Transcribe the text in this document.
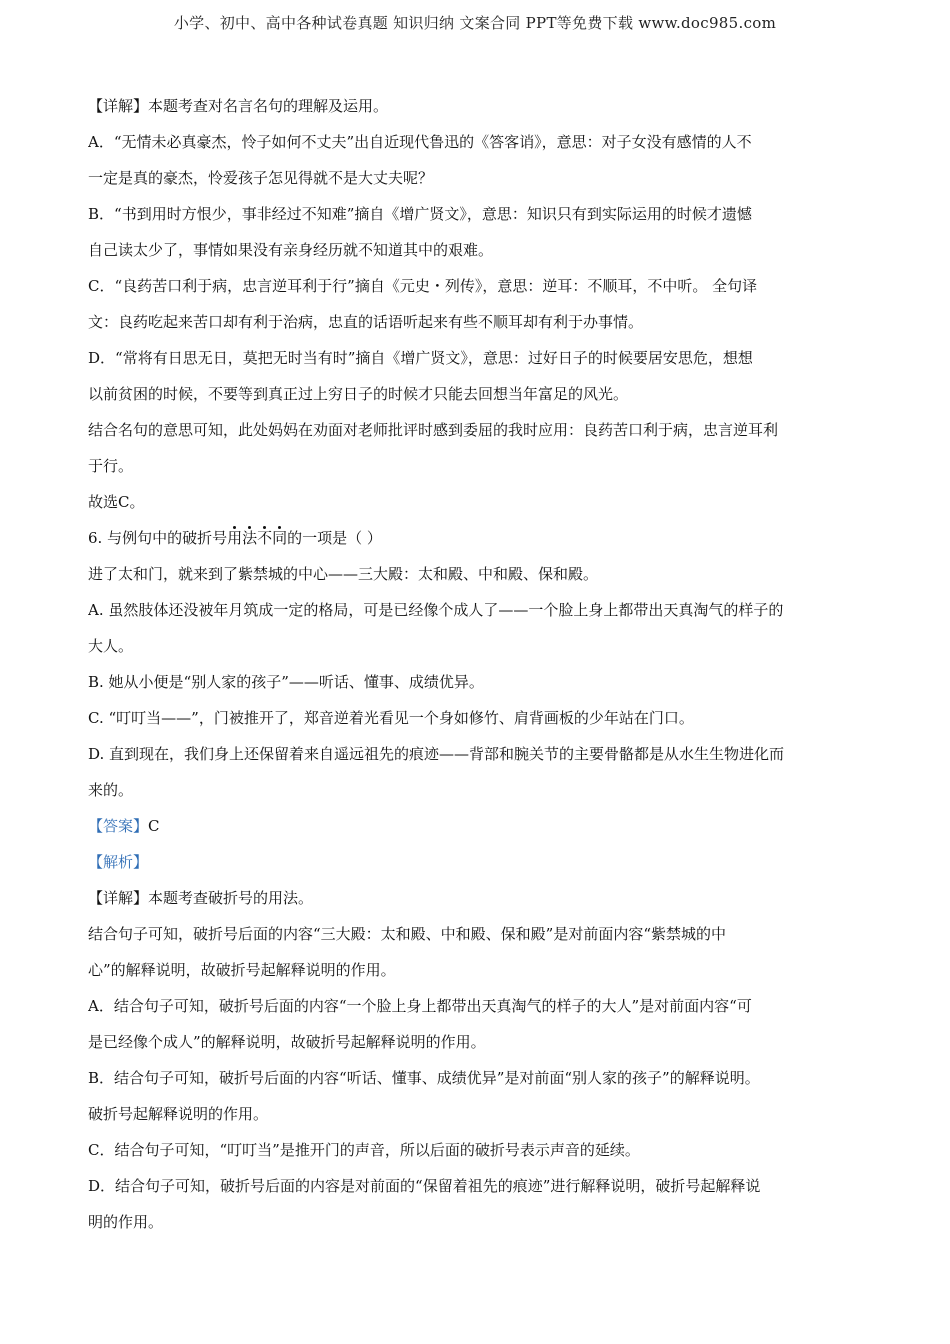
小学、初中、高中各种试卷真题 知识归纳 文案合同 PPT等免费下载 www.doc985.com
【详解】本题考查对名言名句的理解及运用。
A．“无情未必真豪杰，怜子如何不丈夫”出自近现代鲁迅的《答客诮》，意思：对子女没有感情的人不
一定是真的豪杰，怜爱孩子怎见得就不是大丈夫呢？
B．“书到用时方恨少，事非经过不知难”摘自《增广贤文》，意思：知识只有到实际运用的时候才遗憾
自己读太少了，事情如果没有亲身经历就不知道其中的艰难。
C．“良药苦口利于病，忠言逆耳利于行”摘自《元史・列传》，意思：逆耳：不顺耳，不中听。 全句译
文：良药吃起来苦口却有利于治病，忠直的话语听起来有些不顺耳却有利于办事情。
D．“常将有日思无日，莫把无时当有时”摘自《增广贤文》，意思：过好日子的时候要居安思危，想想
以前贫困的时候，不要等到真正过上穷日子的时候才只能去回想当年富足的风光。
结合名句的意思可知，此处妈妈在劝面对老师批评时感到委屈的我时应用：良药苦口利于病，忠言逆耳利
于行。
故选C。
6. 与例句中的破折号用法不同的一项是（ ）
进了太和门，就来到了紫禁城的中心——三大殿：太和殿、中和殿、保和殿。
A. 虽然肢体还没被年月筑成一定的格局，可是已经像个成人了——一个脸上身上都带出天真淘气的样子的
大人。
B. 她从小便是“别人家的孩子”——听话、懂事、成绩优异。
C. “叮叮当——”，门被推开了，郑音逆着光看见一个身如修竹、肩背画板的少年站在门口。
D. 直到现在，我们身上还保留着来自遥远祖先的痕迹——背部和腕关节的主要骨骼都是从水生生物进化而
来的。
【答案】C
【解析】
【详解】本题考查破折号的用法。
结合句子可知，破折号后面的内容“三大殿：太和殿、中和殿、保和殿”是对前面内容“紫禁城的中
心”的解释说明，故破折号起解释说明的作用。
A．结合句子可知，破折号后面的内容“一个脸上身上都带出天真淘气的样子的大人”是对前面内容“可
是已经像个成人”的解释说明，故破折号起解释说明的作用。
B．结合句子可知，破折号后面的内容“听话、懂事、成绩优异”是对前面“别人家的孩子”的解释说明。
破折号起解释说明的作用。
C．结合句子可知，“叮叮当”是推开门的声音，所以后面的破折号表示声音的延续。
D．结合句子可知，破折号后面的内容是对前面的“保留着祖先的痕迹”进行解释说明，破折号起解释说
明的作用。
